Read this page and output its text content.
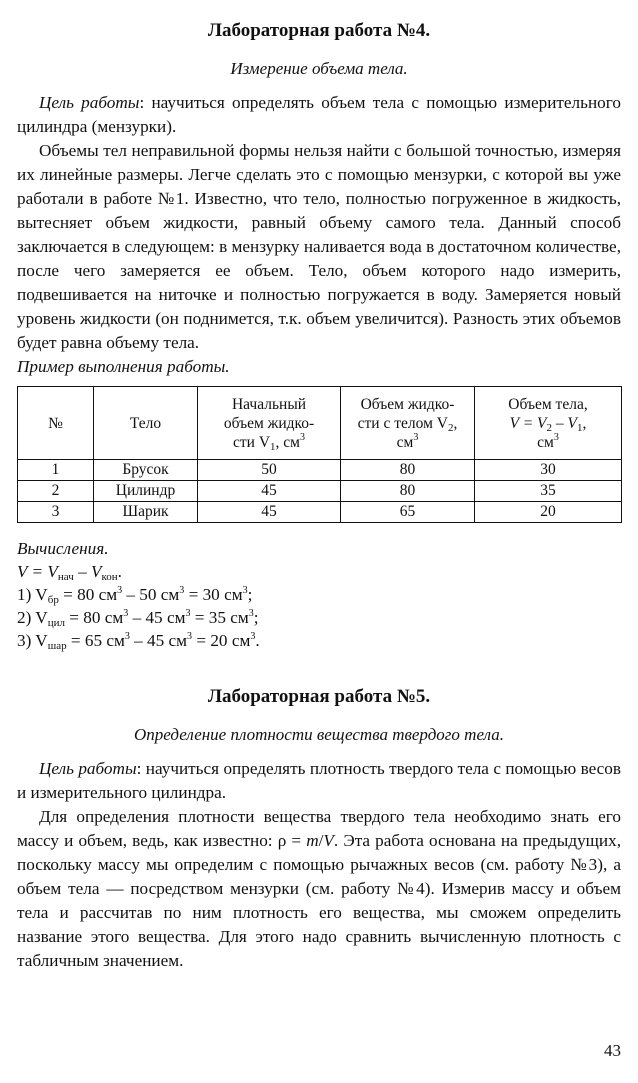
Лабораторная работа №4.
Измерение объема тела.

Цель работы: научиться определять объем тела с помощью измерительного цилиндра (мензурки).

Объемы тел неправильной формы нельзя найти с большой точностью, измеряя их линейные размеры. Легче сделать это с помощью мензурки, с которой вы уже работали в работе №1. Известно, что тело, полностью погруженное в жидкость, вытесняет объем жидкости, равный объему самого тела. Данный способ заключается в следующем: в мензурку наливается вода в достаточном количестве, после чего замеряется ее объем. Тело, объем которого надо измерить, подвешивается на ниточке и полностью погружается в воду. Замеряется новый уровень жидкости (он поднимется, т.к. объем увеличится). Разность этих объемов будет равна объему тела.

Пример выполнения работы.

№	Тело	Начальный
объем жидко-
сти $V_1$, $см^3$	Объем жидко-
сти с телом $V_2$,
$см^3$	Объем тела,
$V = V_2 - V_1$,
$см^3$
1	Брусок	50	80	30
2	Цилиндр	45	80	35
3	Шарик	45	65	20
Вычисления.
$V = V_{нач} - V_{кон}$.
1) $V_{бр} = 80$ $см^3 - 50$ $см^3 = 30$ $см^3$;
2) $V_{цил} = 80$ $см^3 - 45$ $см^3 = 35$ $см^3$;
3) $V_{шар} = 65$ $см^3 - 45$ $см^3 = 20$ $см^3$.
Лабораторная работа №5.
Определение плотности вещества твердого тела.

Цель работы: научиться определять плотность твердого тела с помощью весов и измерительного цилиндра.

Для определения плотности вещества твердого тела необходимо знать его массу и объем, ведь, как известно: ρ = m/V. Эта работа основана на предыдущих, поскольку массу мы определим с помощью рычажных весов (см. работу №3), а объем тела — посредством мензурки (см. работу №4). Измерив массу и объем тела и рассчитав по ним плотность его вещества, мы сможем определить название этого вещества. Для этого надо сравнить вычисленную плотность с табличным значением.

43
